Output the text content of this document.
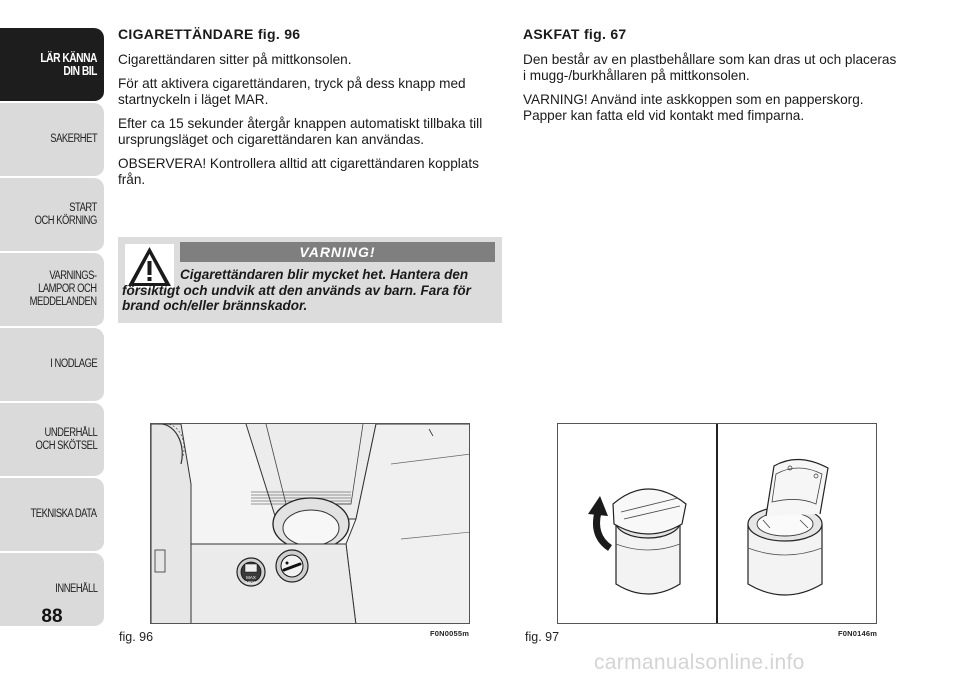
LÄR KÄNNA
DIN BIL
SÄKERHET
START
OCH KÖRNING
VARNINGS-
LAMPOR OCH
MEDDELANDEN
I NÖDLÄGE
UNDERHÅLL
OCH SKÖTSEL
TEKNISKA DATA
INNEHÅLL
88
CIGARETTÄNDARE fig. 96

Cigarettändaren sitter på mittkonsolen.

För att aktivera cigarettändaren, tryck på dess knapp med startnyckeln i läget MAR.

Efter ca 15 sekunder återgår knappen automatiskt tillbaka till ursprungsläget och cigarettändaren kan användas.

OBSERVERA! Kontrollera alltid att cigarettändaren kopplats från.

VARNING!
Cigarettändaren blir mycket het. Hantera den försiktigt och undvik att den används av barn. Fara för brand och/eller brännskador.
ASKFAT fig. 67

Den består av en plastbehållare som kan dras ut och placeras i mugg-/burkhållaren på mittkonsolen.

VARNING! Använd inte askkoppen som en papperskorg. Papper kan fatta eld vid kontakt med fimparna.

MAX 180W
fig. 96	F0N0055m	fig. 97	F0N0146m
carmanualsonline.info
